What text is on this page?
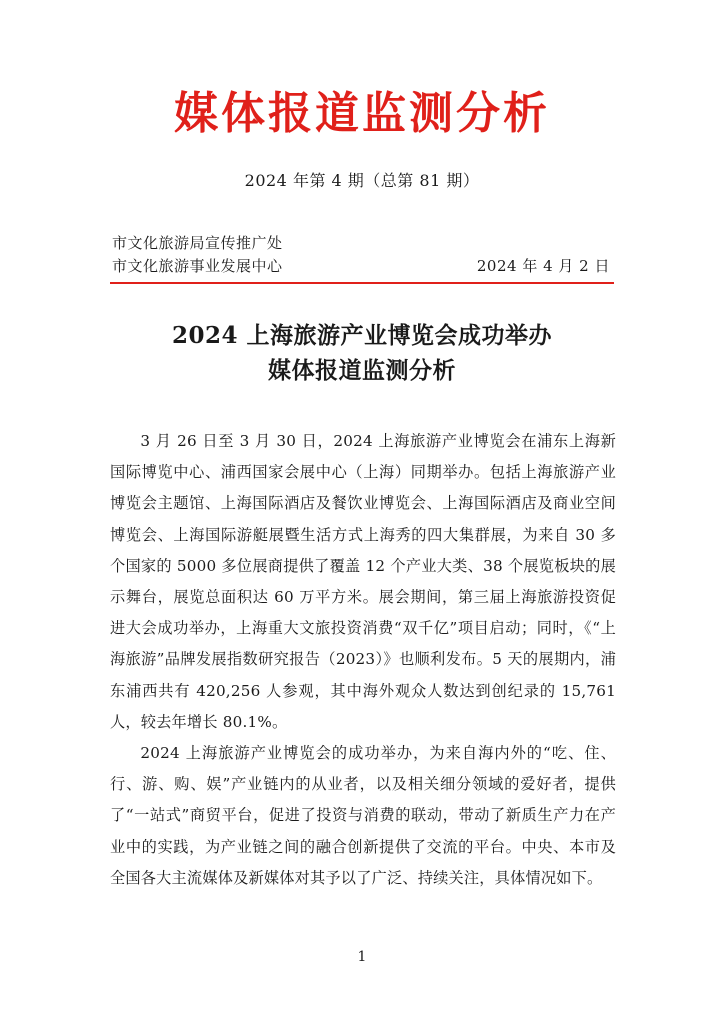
媒体报道监测分析
2024 年第 4 期（总第 81 期）
市文化旅游局宣传推广处
市文化旅游事业发展中心	2024 年 4 月 2 日
2024 上海旅游产业博览会成功举办
媒体报道监测分析

3 月 26 日至 3 月 30 日，2024 上海旅游产业博览会在浦东上海新国际博览中心、浦西国家会展中心（上海）同期举办。包括上海旅游产业博览会主题馆、上海国际酒店及餐饮业博览会、上海国际酒店及商业空间博览会、上海国际游艇展暨生活方式上海秀的四大集群展，为来自 30 多个国家的 5000 多位展商提供了覆盖 12 个产业大类、38 个展览板块的展示舞台，展览总面积达 60 万平方米。展会期间，第三届上海旅游投资促进大会成功举办，上海重大文旅投资消费“双千亿”项目启动；同时，《“上海旅游”品牌发展指数研究报告（2023）》也顺利发布。5 天的展期内，浦东浦西共有 420,256 人参观，其中海外观众人数达到创纪录的 15,761 人，较去年增长 80.1%。

2024 上海旅游产业博览会的成功举办，为来自海内外的“吃、住、行、游、购、娱”产业链内的从业者，以及相关细分领域的爱好者，提供了“一站式”商贸平台，促进了投资与消费的联动，带动了新质生产力在产业中的实践，为产业链之间的融合创新提供了交流的平台。中央、本市及全国各大主流媒体及新媒体对其予以了广泛、持续关注，具体情况如下。

1
